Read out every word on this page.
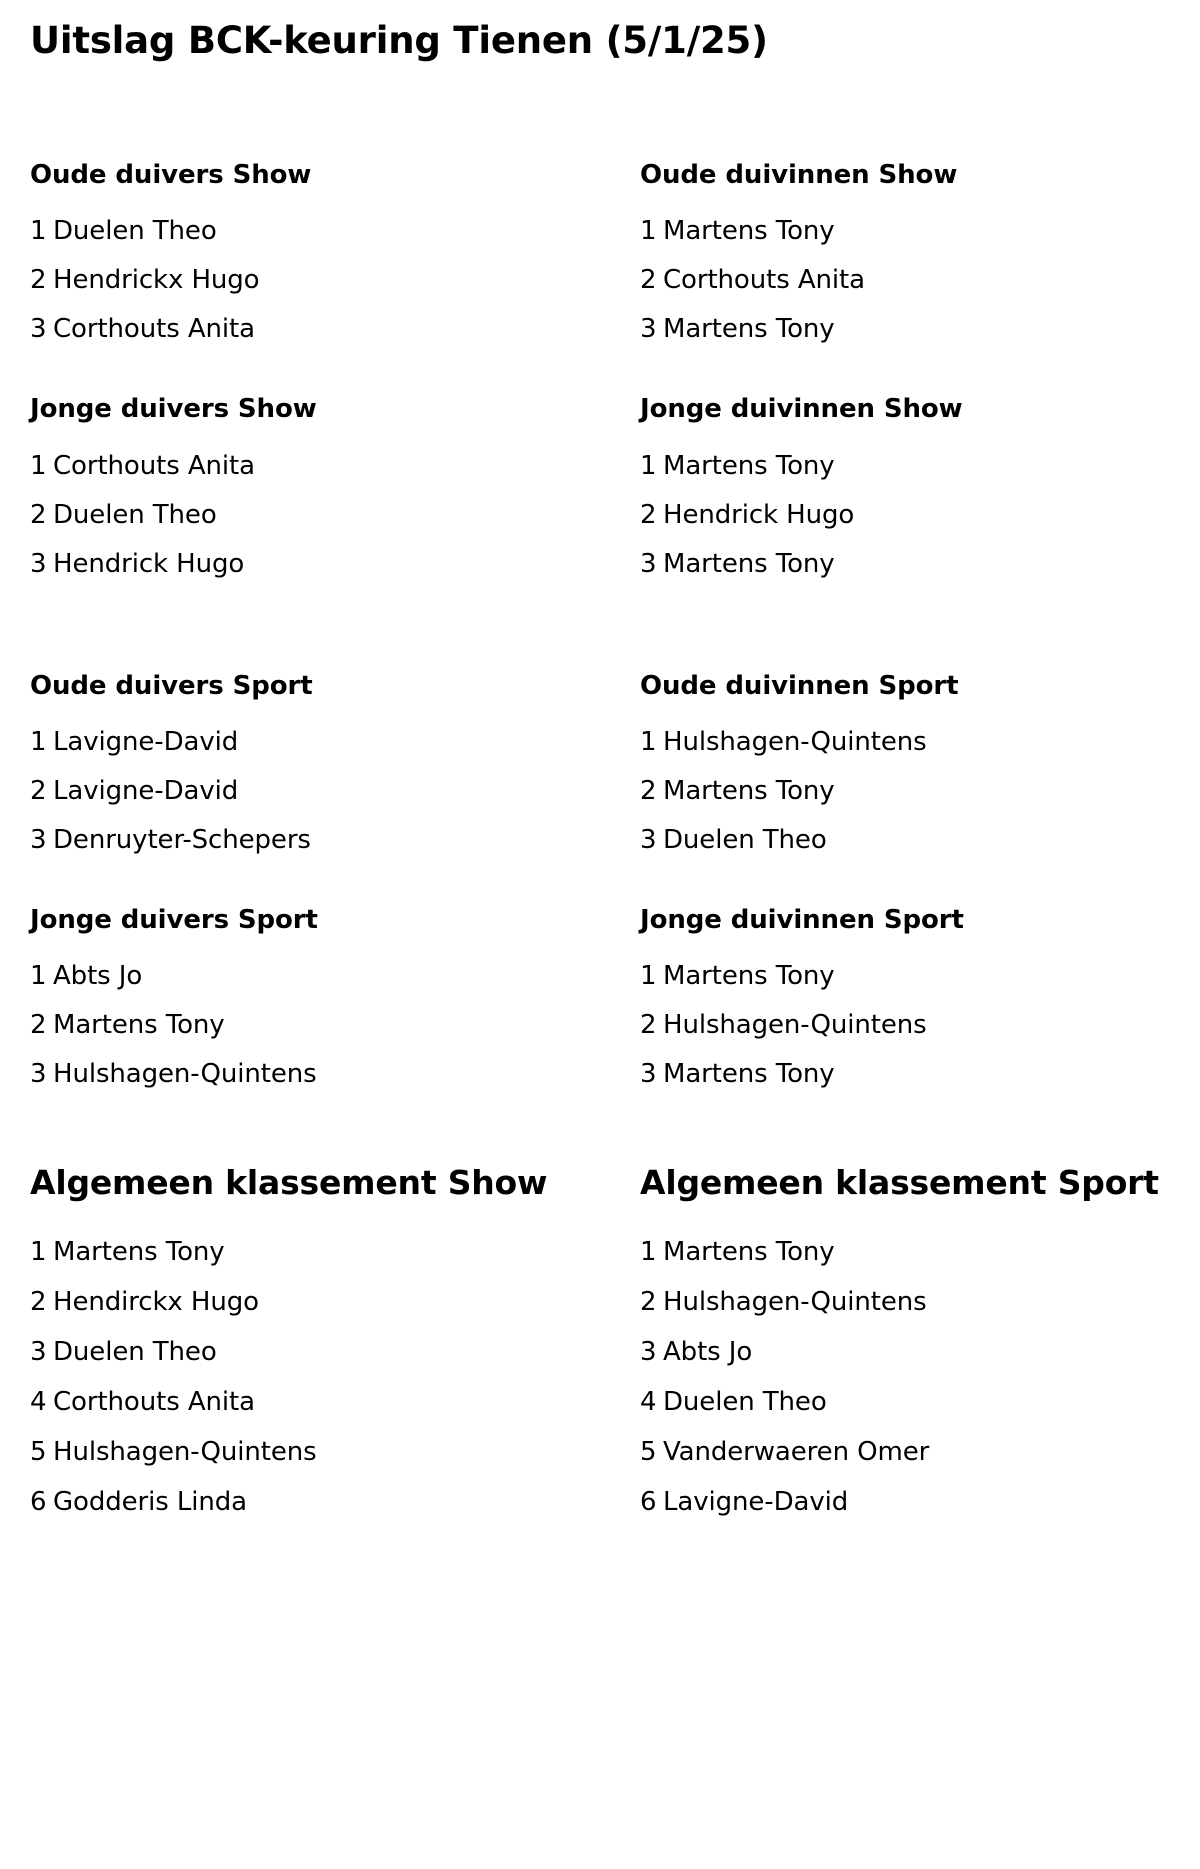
Uitslag BCK-keuring Tienen (5/1/25)
Oude duivers Show
1 Duelen Theo
2 Hendrickx Hugo
3 Corthouts Anita
Oude duivinnen Show
1 Martens Tony
2 Corthouts Anita
3 Martens Tony
Jonge duivers Show
1 Corthouts Anita
2 Duelen Theo
3 Hendrick Hugo
Jonge duivinnen Show
1 Martens Tony
2 Hendrick Hugo
3 Martens Tony
Oude duivers Sport
1 Lavigne-David
2 Lavigne-David
3 Denruyter-Schepers
Oude duivinnen Sport
1 Hulshagen-Quintens
2 Martens Tony
3 Duelen Theo
Jonge duivers Sport
1 Abts Jo
2 Martens Tony
3 Hulshagen-Quintens
Jonge duivinnen Sport
1 Martens Tony
2 Hulshagen-Quintens
3 Martens Tony
Algemeen klassement Show
1 Martens Tony
2 Hendirckx Hugo
3 Duelen Theo
4 Corthouts Anita
5 Hulshagen-Quintens
6 Godderis Linda
Algemeen klassement Sport
1 Martens Tony
2 Hulshagen-Quintens
3 Abts Jo
4 Duelen Theo
5 Vanderwaeren Omer
6 Lavigne-David
